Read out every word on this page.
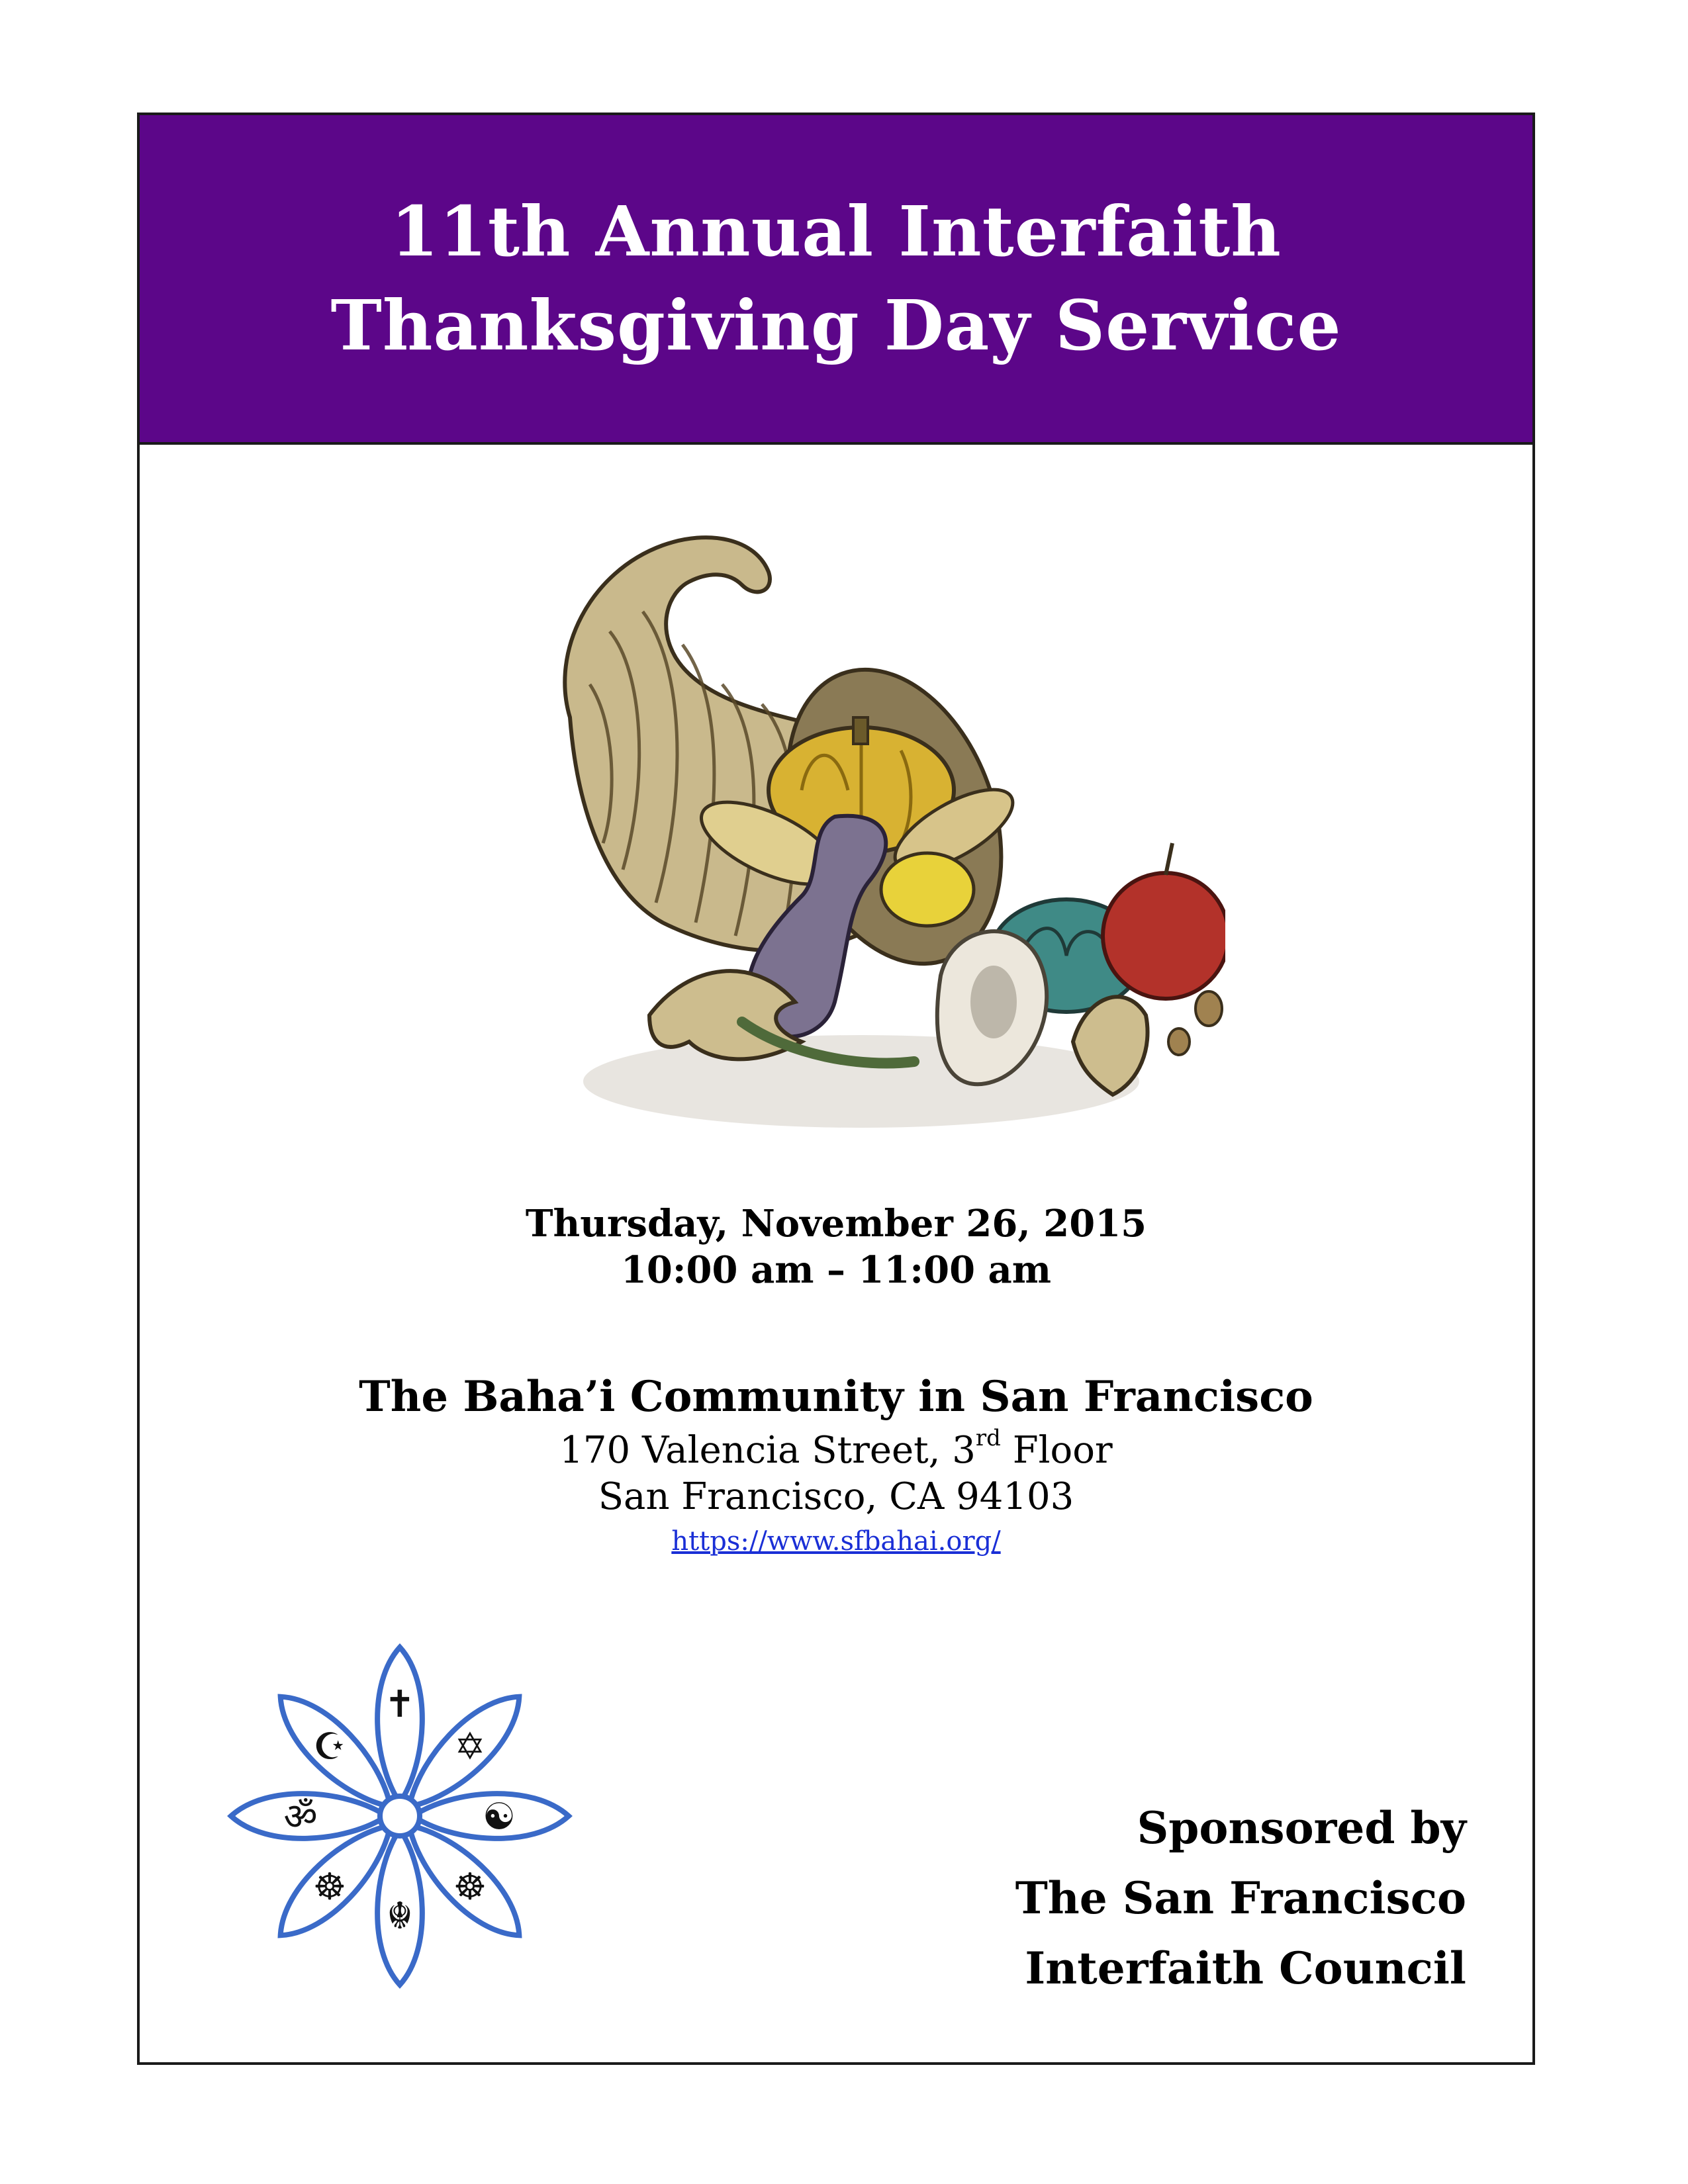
11th Annual Interfaith
Thanksgiving Day Service
Thursday, November 26, 2015
10:00 am – 11:00 am
The Baha’i Community in San Francisco
170 Valencia Street, 3rd Floor
San Francisco, CA 94103
https://www.sfbahai.org/
✝
✡
☯
☸
☬
☸
ॐ
☪
Sponsored by
The San Francisco
Interfaith Council
